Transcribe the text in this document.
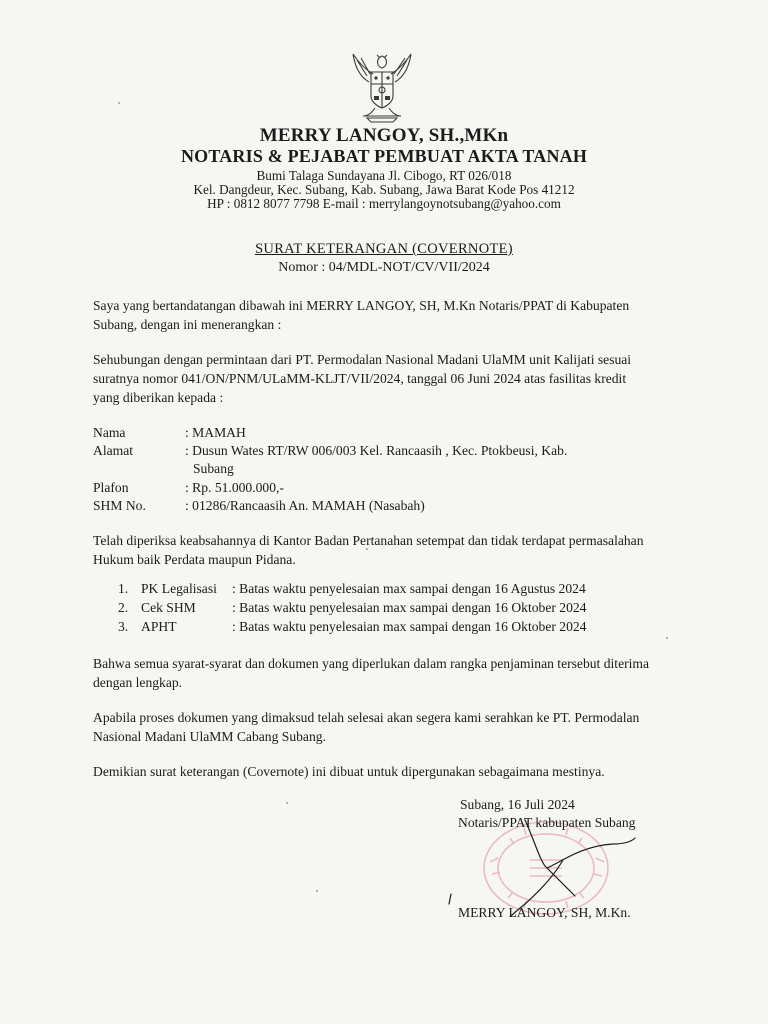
MERRY LANGOY, SH.,MKn
NOTARIS & PEJABAT PEMBUAT AKTA TANAH
Bumi Talaga Sundayana Jl. Cibogo, RT 026/018
Kel. Dangdeur, Kec. Subang, Kab. Subang, Jawa Barat Kode Pos 41212
HP : 0812 8077 7798 E-mail : merrylangoynotsubang@yahoo.com
SURAT KETERANGAN (COVERNOTE)
Nomor : 04/MDL-NOT/CV/VII/2024
Saya yang bertandatangan dibawah ini MERRY LANGOY, SH, M.Kn Notaris/PPAT di Kabupaten
Subang, dengan ini menerangkan :
Sehubungan dengan permintaan dari PT. Permodalan Nasional Madani UlaMM unit Kalijati sesuai
suratnya nomor 041/ON/PNM/ULaMM-KLJT/VII/2024, tanggal 06 Juni 2024 atas fasilitas kredit
yang diberikan kepada :
Nama	: MAMAH
Alamat	: Dusun Wates RT/RW 006/003 Kel. Rancaasih , Kec. Ptokbeusi, Kab.
Subang
Plafon	: Rp. 51.000.000,-
SHM No.	: 01286/Rancaasih An. MAMAH (Nasabah)
Telah diperiksa keabsahannya di Kantor Badan Pertanahan setempat dan tidak terdapat permasalahan
Hukum baik Perdata maupun Pidana.
1. PK Legalisasi : Batas waktu penyelesaian max sampai dengan 16 Agustus 2024
2. Cek SHM	: Batas waktu penyelesaian max sampai dengan 16 Oktober 2024
3. APHT	: Batas waktu penyelesaian max sampai dengan 16 Oktober 2024
Bahwa semua syarat-syarat dan dokumen yang diperlukan dalam rangka penjaminan tersebut diterima
dengan lengkap.
Apabila proses dokumen yang dimaksud telah selesai akan segera kami serahkan ke PT. Permodalan
Nasional Madani UlaMM Cabang Subang.
Demikian surat keterangan (Covernote) ini dibuat untuk dipergunakan sebagaimana mestinya.
Subang, 16 Juli 2024
Notaris/PPAT kabupaten Subang
MERRY LANGOY, SH, M.Kn.
